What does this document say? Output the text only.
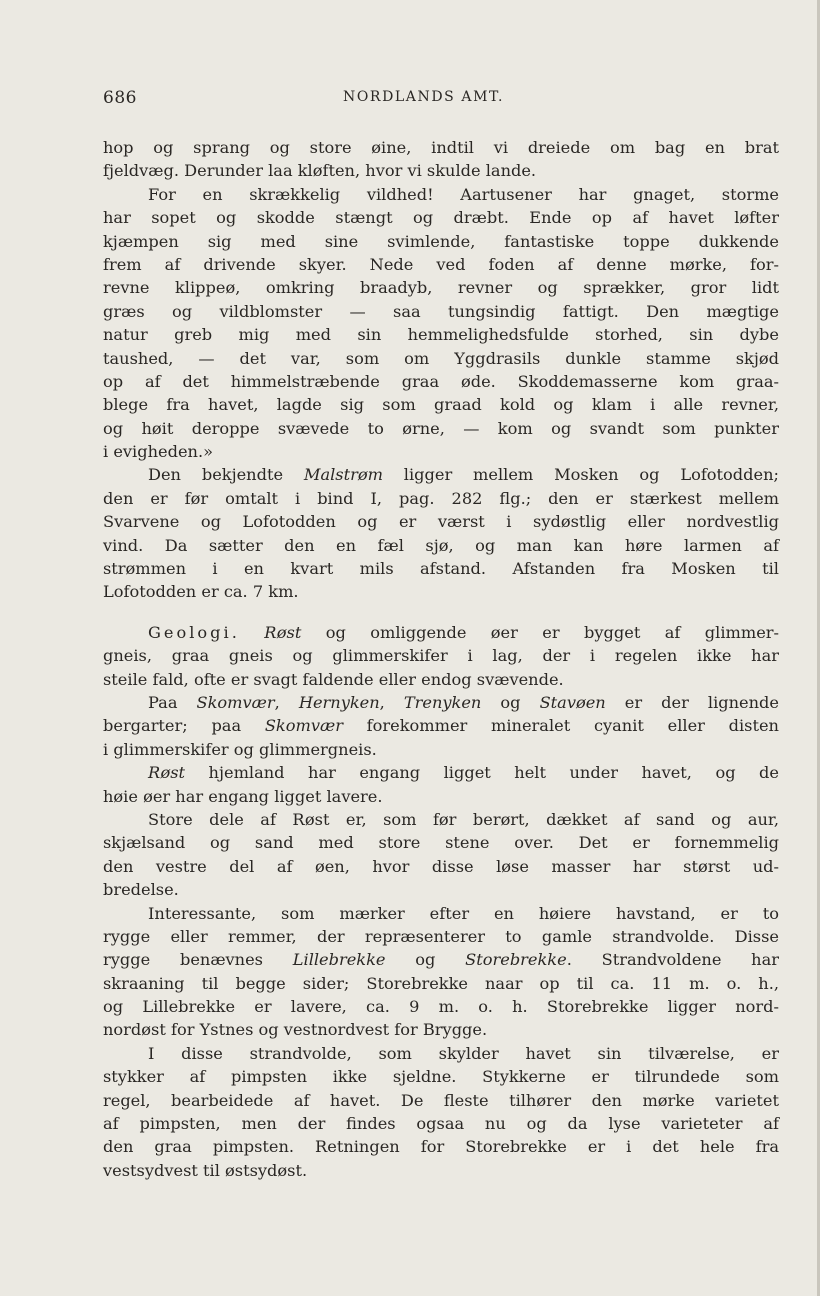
686	NORDLANDS AMT.
hop og sprang og store øine, indtil vi dreiede om bag en brat
fjeldvæg. Derunder laa kløften, hvor vi skulde lande.
For en skrækkelig vildhed! Aartusener har gnaget, storme
har sopet og skodde stængt og dræbt. Ende op af havet løfter
kjæmpen sig med sine svimlende, fantastiske toppe dukkende
frem af drivende skyer. Nede ved foden af denne mørke, for-
revne klippeø, omkring braadyb, revner og sprækker, gror lidt
græs og vildblomster — saa tungsindig fattigt. Den mægtige
natur greb mig med sin hemmelighedsfulde storhed, sin dybe
taushed, — det var, som om Yggdrasils dunkle stamme skjød
op af det himmelstræbende graa øde. Skoddemasserne kom graa-
blege fra havet, lagde sig som graad kold og klam i alle revner,
og høit deroppe svævede to ørne, — kom og svandt som punkter
i evigheden.»
Den bekjendte Malstrøm ligger mellem Mosken og Lofotodden;
den er før omtalt i bind I, pag. 282 flg.; den er stærkest mellem
Svarvene og Lofotodden og er værst i sydøstlig eller nordvestlig
vind. Da sætter den en fæl sjø, og man kan høre larmen af
strømmen i en kvart mils afstand. Afstanden fra Mosken til
Lofotodden er ca. 7 km.
Geologi. Røst og omliggende øer er bygget af glimmer-
gneis, graa gneis og glimmerskifer i lag, der i regelen ikke har
steile fald, ofte er svagt faldende eller endog svævende.
Paa Skomvær, Hernyken, Trenyken og Stavøen er der lignende
bergarter; paa Skomvær forekommer mineralet cyanit eller disten
i glimmerskifer og glimmergneis.
Røst hjemland har engang ligget helt under havet, og de
høie øer har engang ligget lavere.
Store dele af Røst er, som før berørt, dækket af sand og aur,
skjælsand og sand med store stene over. Det er fornemmelig
den vestre del af øen, hvor disse løse masser har størst ud-
bredelse.
Interessante, som mærker efter en høiere havstand, er to
rygge eller remmer, der repræsenterer to gamle strandvolde. Disse
rygge benævnes Lillebrekke og Storebrekke. Strandvoldene har
skraaning til begge sider; Storebrekke naar op til ca. 11 m. o. h.,
og Lillebrekke er lavere, ca. 9 m. o. h. Storebrekke ligger nord-
nordøst for Ystnes og vestnordvest for Brygge.
I disse strandvolde, som skylder havet sin tilværelse, er
stykker af pimpsten ikke sjeldne. Stykkerne er tilrundede som
regel, bearbeidede af havet. De fleste tilhører den mørke varietet
af pimpsten, men der findes ogsaa nu og da lyse varieteter af
den graa pimpsten. Retningen for Storebrekke er i det hele fra
vestsydvest til østsydøst.
